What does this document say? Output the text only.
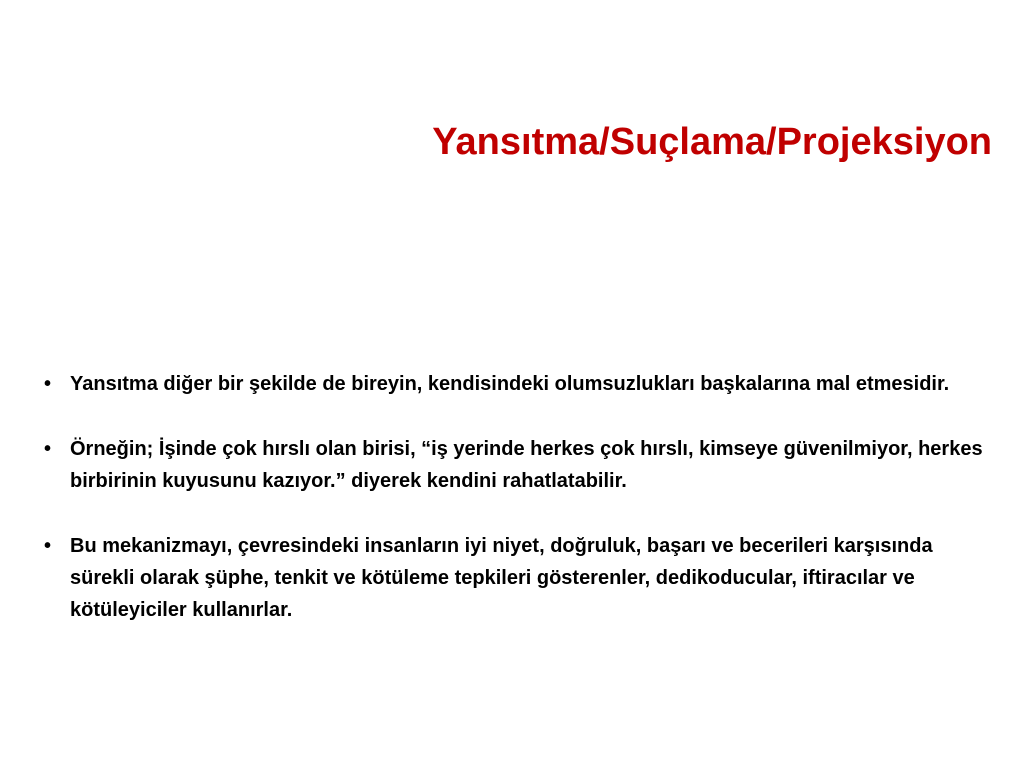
Yansıtma/Suçlama/Projeksiyon
• Yansıtma diğer bir şekilde de bireyin, kendisindeki olumsuzlukları başkalarına mal etmesidir.
• Örneğin; İşinde çok hırslı olan birisi, “iş yerinde herkes çok hırslı, kimseye güvenilmiyor, herkes birbirinin kuyusunu kazıyor.” diyerek kendini rahatlatabilir.
• Bu mekanizmayı, çevresindeki insanların iyi niyet, doğruluk, başarı ve becerileri karşısında sürekli olarak şüphe, tenkit ve kötüleme tepkileri gösterenler, dedikoducular, iftiracılar ve kötüleyiciler kullanırlar.
